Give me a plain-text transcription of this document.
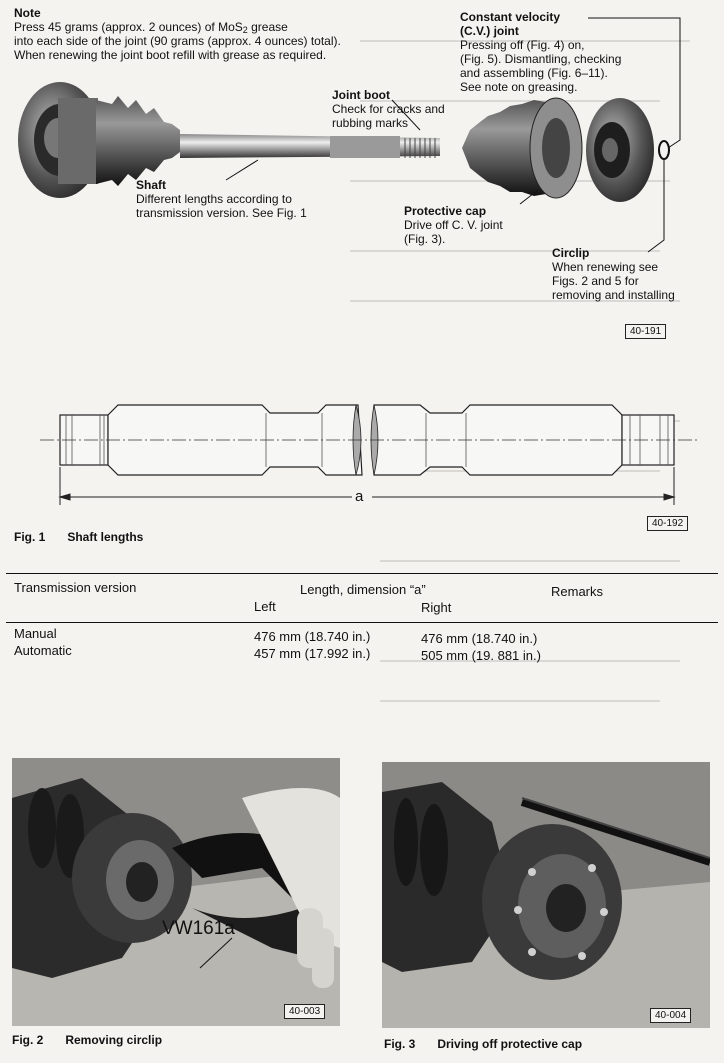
Note
Press 45 grams (approx. 2 ounces) of MoS$_2$ grease
into each side of the joint (90 grams (approx. 4 ounces) total).
When renewing the joint boot refill with grease as required.
Constant velocity
(C.V.) joint
Pressing off (Fig. 4) on,
(Fig. 5). Dismantling, checking
and assembling (Fig. 6–11).
See note on greasing.
Joint boot
Check for cracks and
rubbing marks
Shaft
Different lengths according to
transmission version. See Fig. 1	Protective cap
Drive off C. V. joint
(Fig. 3).
Circlip
When renewing see
Figs. 2 and 5 for
removing and installing
40-191
a
40-192
Fig. 1 Shaft lengths
Transmission version	Length, dimension “a”	Remarks
Left	Right
Manual	476 mm (18.740 in.)	476 mm (18.740 in.)
Automatic	457 mm (17.992 in.)	505 mm (19. 881 in.)
VW161a
40-003
Fig. 2 Removing circlip
40-004
Fig. 3 Driving off protective cap
